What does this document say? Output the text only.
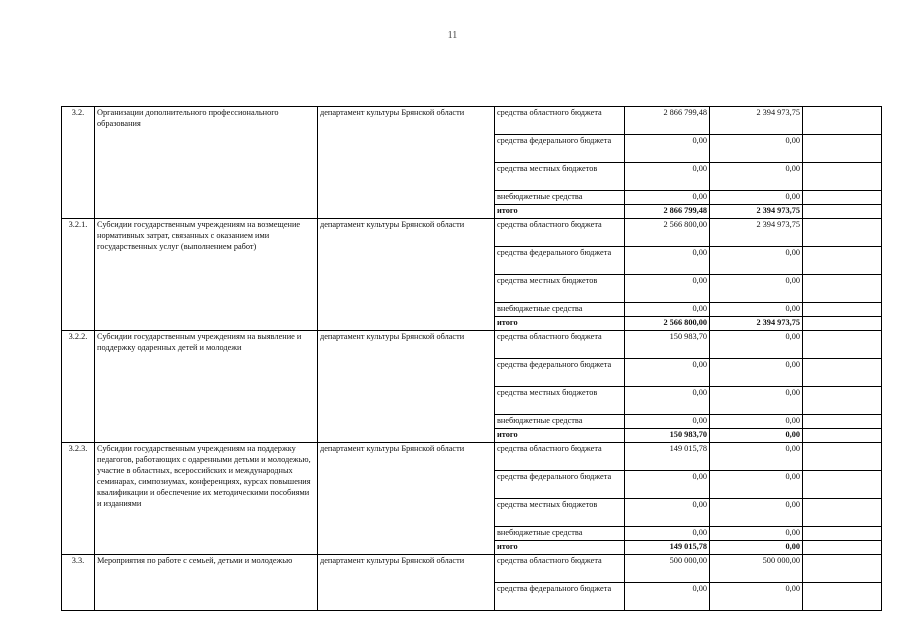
11
3.2.	Организации дополнительного профессионального образования	департамент культуры Брянской области	средства областного бюджета	2 866 799,48	2 394 973,75	
			средства федерального бюджета	0,00	0,00	
			средства местных бюджетов	0,00	0,00	
			внебюджетные средства	0,00	0,00	
			итого	2 866 799,48	2 394 973,75	
3.2.1.	Субсидии государственным учреждениям на возмещение нормативных затрат, связанных с оказанием ими государственных услуг (выполнением работ)	департамент культуры Брянской области	средства областного бюджета	2 566 800,00	2 394 973,75	
			средства федерального бюджета	0,00	0,00	
			средства местных бюджетов	0,00	0,00	
			внебюджетные средства	0,00	0,00	
			итого	2 566 800,00	2 394 973,75	
3.2.2.	Субсидии государственным учреждениям на выявление и поддержку одаренных детей и молодежи	департамент культуры Брянской области	средства областного бюджета	150 983,70	0,00	
			средства федерального бюджета	0,00	0,00	
			средства местных бюджетов	0,00	0,00	
			внебюджетные средства	0,00	0,00	
			итого	150 983,70	0,00	
3.2.3.	Субсидии государственным учреждениям на поддержку педагогов, работающих с одаренными детьми и молодежью, участие в областных, всероссийских и международных семинарах, симпозиумах, конференциях, курсах повышения квалификации и обеспечение их методическими пособиями и изданиями	департамент культуры Брянской области	средства областного бюджета	149 015,78	0,00	
			средства федерального бюджета	0,00	0,00	
			средства местных бюджетов	0,00	0,00	
			внебюджетные средства	0,00	0,00	
			итого	149 015,78	0,00	
3.3.	Мероприятия по работе с семьей, детьми и молодежью	департамент культуры Брянской области	средства областного бюджета	500 000,00	500 000,00	
			средства федерального бюджета	0,00	0,00	
